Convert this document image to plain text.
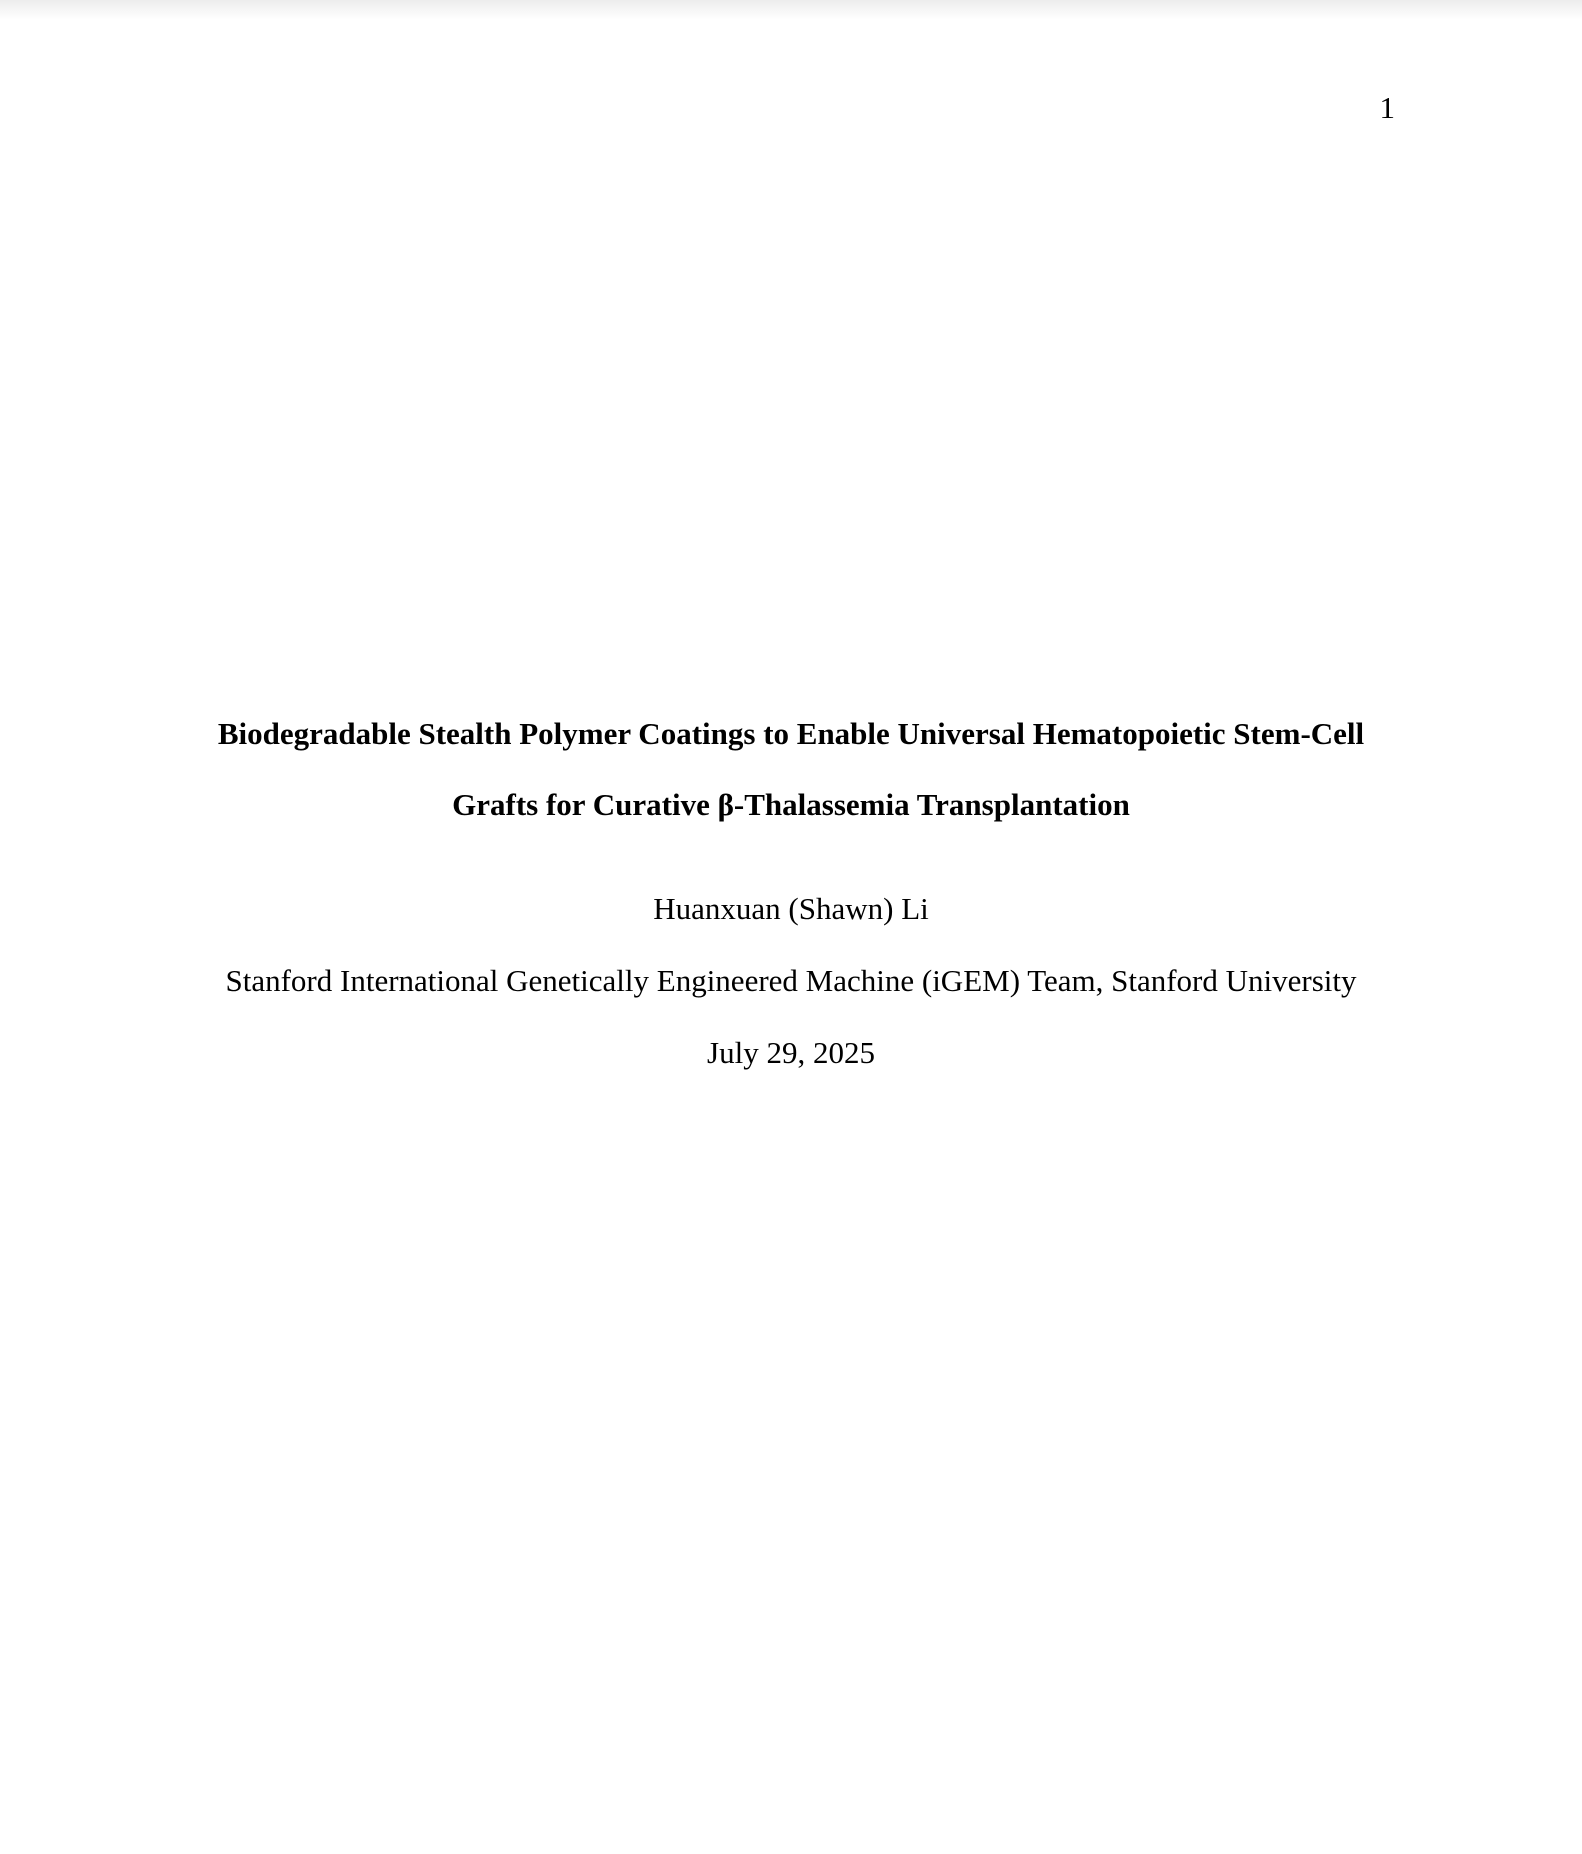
1

Biodegradable Stealth Polymer Coatings to Enable Universal Hematopoietic Stem‐Cell

Grafts for Curative β‐Thalassemia Transplantation

Huanxuan (Shawn) Li

Stanford International Genetically Engineered Machine (iGEM) Team, Stanford University

July 29, 2025
